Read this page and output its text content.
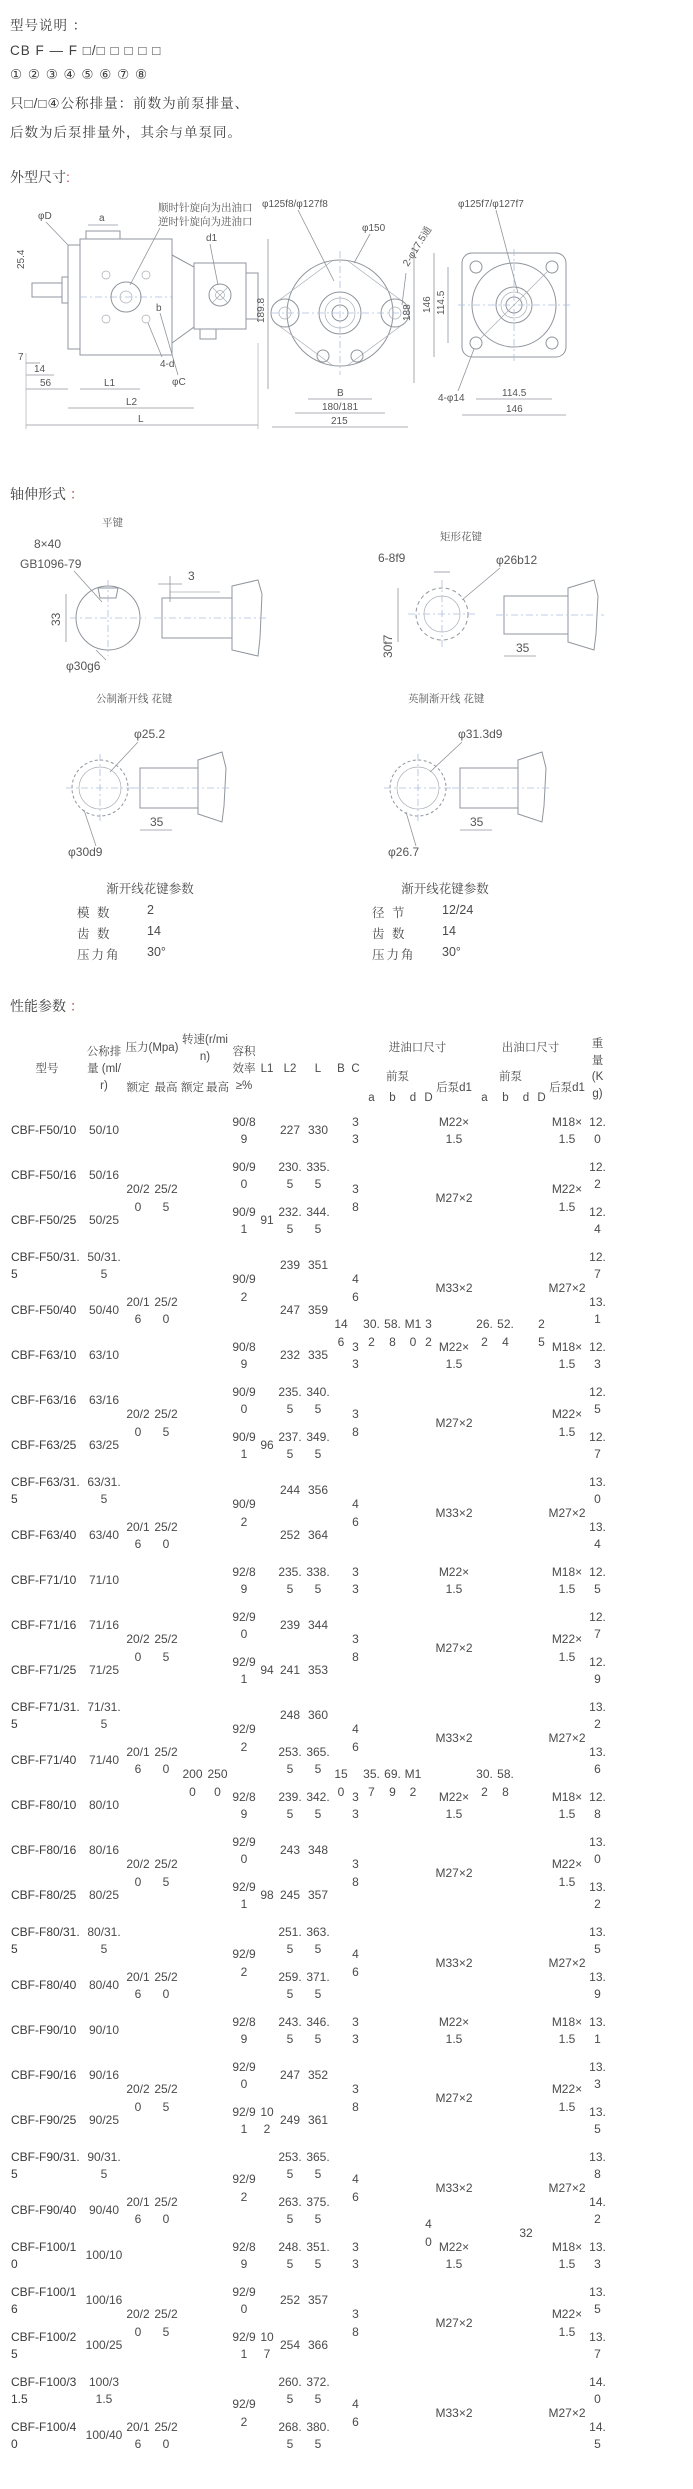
型号说明 ：

CB F — F □/□ □ □ □ □

① ② ③ ④ ⑤ ⑥ ⑦ ⑧

只□/□④公称排量：前数为前泵排量、

后数为后泵排量外，其余与单泵同。

外型尺寸:

φD	a
顺时针旋向为出油口
逆时针旋向为进油口
d1
b
25.4
7
14
56	L1
L2
L
4-d
φC
φ125f8/φ127f8
φ150 2-φ17.5通
189.8	188
B
180/181
215
φ125f7/φ127f7
146 114.5
4-φ14	114.5
146

轴伸形式 ：

平键
8×40
GB1096-79
3
33
φ30g6
矩形花键
6-8f9	φ26b12
30f7	35
公制渐开线 花键
φ25.2
35
φ30d9
英制渐开线 花键
φ31.3d9
35
φ26.7
渐开线花键参数
模 数	2
齿 数	14
压力角	30°
渐开线花键参数
径 节	12/24
齿 数	14
压力角	30°

性能参数 ：

型号	公称排量 (ml/r)	压力(Mpa)		转速(r/min)		容积效率 ≥%	L1	L2	L	B	C	进油口尺寸					出油口尺寸					重量(Kg)
		额定	最高	额定	最高							前泵				后泵d1	前泵				后泵d1	
												a	b	d	D		a	b	d	D		
CBF-F50/10	50/10	20/20	25/25	2000	2500	90/89	91	227	330	146	33	30.2	58.8	M10	32	M22×1.5	26.2	52.4		25	M18×1.5	12.0
CBF-F50/16	50/16					90/90		230.5	335.5		38					M27×2					M22×1.5	12.2
CBF-F50/25	50/25					90/91		232.5	344.5													12.4
CBF-F50/31.5	50/31.5					90/92		239	351		46					M33×2					M27×2	12.7
CBF-F50/40	50/40	20/16	25/20					247	359													13.1
CBF-F63/10	63/10	20/20	25/25			90/89	96	232	335		33					M22×1.5					M18×1.5	12.3
CBF-F63/16	63/16					90/90		235.5	340.5		38					M27×2					M22×1.5	12.5
CBF-F63/25	63/25					90/91		237.5	349.5													12.7
CBF-F63/31.5	63/31.5					90/92		244	356		46					M33×2					M27×2	13.0
CBF-F63/40	63/40	20/16	25/20					252	364													13.4
CBF-F71/10	71/10	20/20	25/25			92/89	94	235.5	338.5	150	33	35.7	69.9	M12		M22×1.5	30.2	58.8			M18×1.5	12.5
CBF-F71/16	71/16					92/90		239	344		38					M27×2					M22×1.5	12.7
CBF-F71/25	71/25					92/91		241	353													12.9
CBF-F71/31.5	71/31.5					92/92		248	360		46					M33×2					M27×2	13.2
CBF-F71/40	71/40	20/16	25/20					253.5	365.5													13.6
CBF-F80/10	80/10	20/20	25/25			92/89	98	239.5	342.5		33					M22×1.5					M18×1.5	12.8
CBF-F80/16	80/16					92/90		243	348		38					M27×2					M22×1.5	13.0
CBF-F80/25	80/25					92/91		245	357													13.2
CBF-F80/31.5	80/31.5					92/92		251.5	363.5		46					M33×2					M27×2	13.5
CBF-F80/40	80/40	20/16	25/20					259.5	371.5													13.9
CBF-F90/10	90/10	20/20	25/25			92/89	102	243.5	346.5		33				40	M22×1.5			32		M18×1.5	13.1
CBF-F90/16	90/16					92/90		247	352		38					M27×2					M22×1.5	13.3
CBF-F90/25	90/25					92/91		249	361													13.5
CBF-F90/31.5	90/31.5					92/92		253.5	365.5		46					M33×2					M27×2	13.8
CBF-F90/40	90/40	20/16	25/20					263.5	375.5													14.2
CBF-F100/10	100/10	20/20	25/25			92/89	107	248.5	351.5		33					M22×1.5					M18×1.5	13.3
CBF-F100/16	100/16					92/90		252	357		38					M27×2					M22×1.5	13.5
CBF-F100/25	100/25					92/91		254	366													13.7
CBF-F100/31.5	100/31.5					92/92		260.5	372.5		46					M33×2					M27×2	14.0
CBF-F100/40	100/40	20/16	25/20					268.5	380.5													14.5
